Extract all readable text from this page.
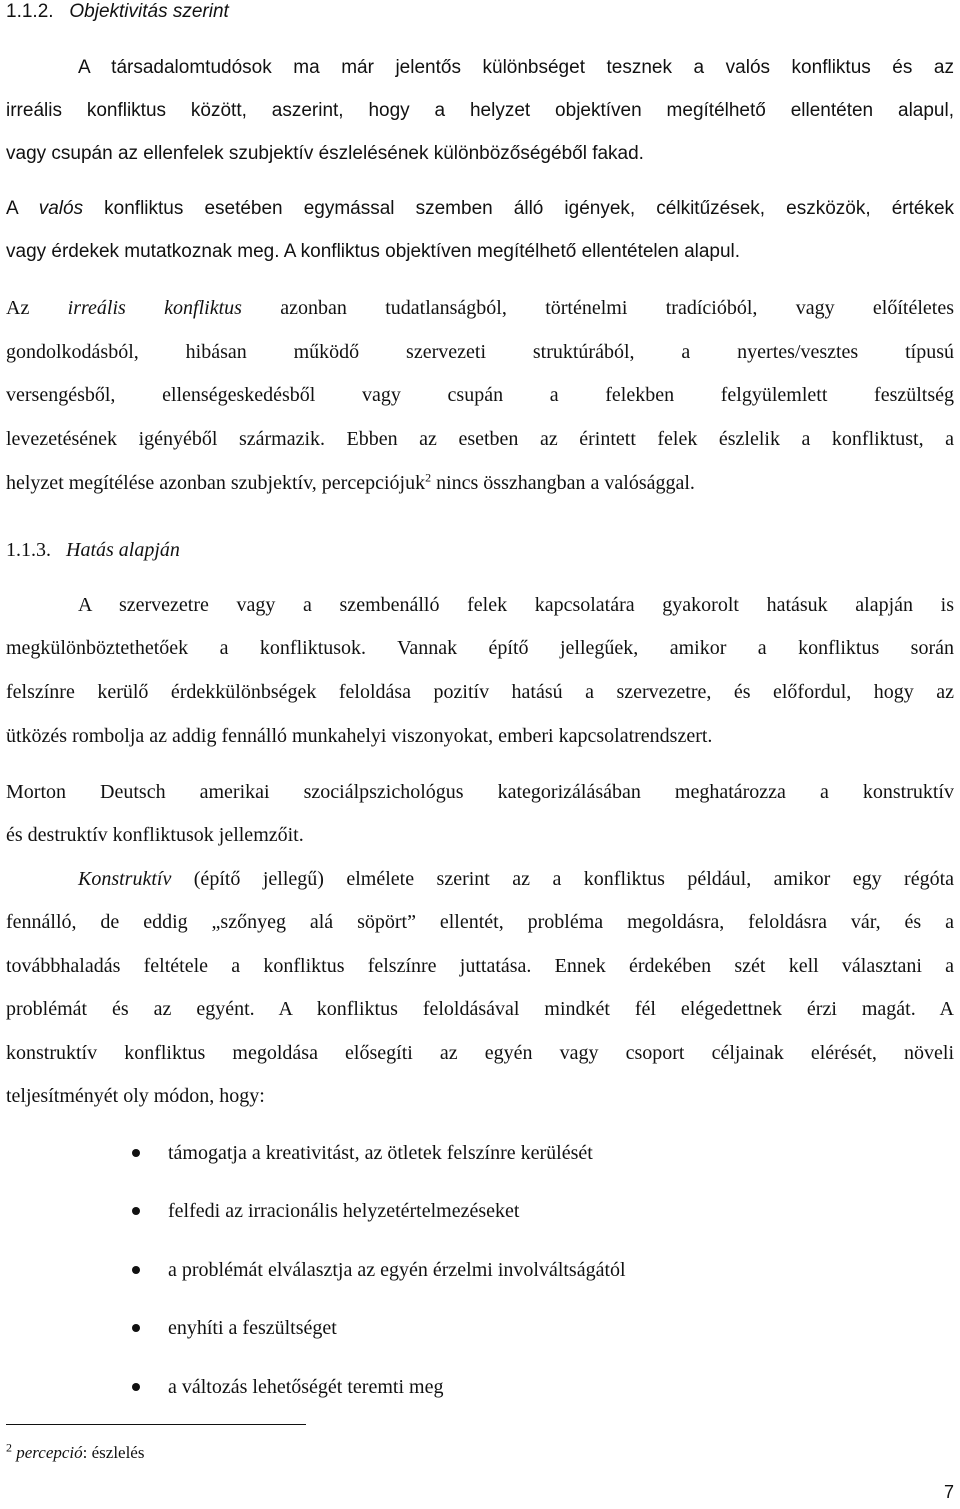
1.1.2. Objektivitás szerint
A társadalomtudósok ma már jelentős különbséget tesznek a valós konfliktus és az
irreális konfliktus között, aszerint, hogy a helyzet objektíven megítélhető ellentéten alapul,
vagy csupán az ellenfelek szubjektív észlelésének különbözőségéből fakad.
A valós konfliktus esetében egymással szemben álló igények, célkitűzések, eszközök, értékek
vagy érdekek mutatkoznak meg. A konfliktus objektíven megítélhető ellentételen alapul.
Az irreális konfliktus azonban tudatlanságból, történelmi tradícióból, vagy előítéletes
gondolkodásból, hibásan működő szervezeti struktúrából, a nyertes/vesztes típusú
versengésből, ellenségeskedésből vagy csupán a felekben felgyülemlett feszültség
levezetésének igényéből származik. Ebben az esetben az érintett felek észlelik a konfliktust, a
helyzet megítélése azonban szubjektív, percepciójuk$^2$ nincs összhangban a valósággal.
1.1.3. Hatás alapján
A szervezetre vagy a szembenálló felek kapcsolatára gyakorolt hatásuk alapján is
megkülönböztethetőek a konfliktusok. Vannak építő jellegűek, amikor a konfliktus során
felszínre kerülő érdekkülönbségek feloldása pozitív hatású a szervezetre, és előfordul, hogy az
ütközés rombolja az addig fennálló munkahelyi viszonyokat, emberi kapcsolatrendszert.
Morton Deutsch amerikai szociálpszichológus kategorizálásában meghatározza a konstruktív
és destruktív konfliktusok jellemzőit.
Konstruktív (építő jellegű) elmélete szerint az a konfliktus például, amikor egy régóta
fennálló, de eddig „szőnyeg alá söpört” ellentét, probléma megoldásra, feloldásra vár, és a
továbbhaladás feltétele a konfliktus felszínre juttatása. Ennek érdekében szét kell választani a
problémát és az egyént. A konfliktus feloldásával mindkét fél elégedettnek érzi magát. A
konstruktív konfliktus megoldása elősegíti az egyén vagy csoport céljainak elérését, növeli
teljesítményét oly módon, hogy:
támogatja a kreativitást, az ötletek felszínre kerülését
felfedi az irracionális helyzetértelmezéseket
a problémát elválasztja az egyén érzelmi involváltságától
enyhíti a feszültséget
a változás lehetőségét teremti meg
$^2$ percepció: észlelés
7
